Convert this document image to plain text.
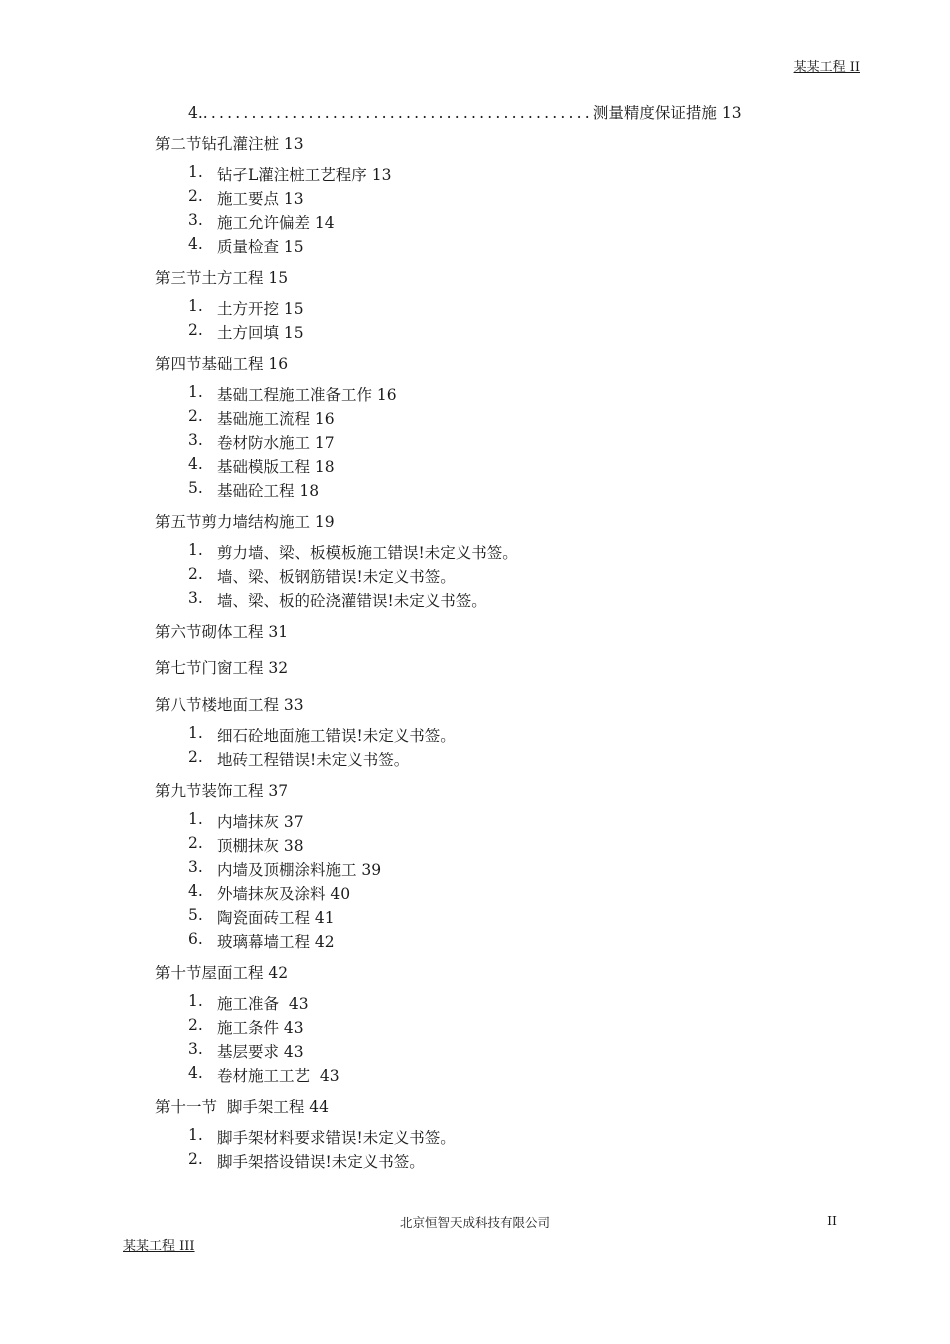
某某工程 II
4.................................................测量精度保证措施 13
第二节钻孔灌注桩 13
1. 钻孑L灌注桩工艺程序 13
2. 施工要点 13
3. 施工允许偏差 14
4. 质量检查 15
第三节土方工程 15
1. 土方开挖 15
2. 土方回填 15
第四节基础工程 16
1. 基础工程施工准备工作 16
2. 基础施工流程 16
3. 卷材防水施工 17
4. 基础模版工程 18
5. 基础砼工程 18
第五节剪力墙结构施工 19
1. 剪力墙、梁、板模板施工错误!未定义书签。
2. 墙、梁、板钢筋错误!未定义书签。
3. 墙、梁、板的砼浇灌错误!未定义书签。
第六节砌体工程 31
第七节门窗工程 32
第八节楼地面工程 33
1. 细石砼地面施工错误!未定义书签。
2. 地砖工程错误!未定义书签。
第九节装饰工程 37
1. 内墙抹灰 37
2. 顶棚抹灰 38
3. 内墙及顶棚涂料施工 39
4. 外墙抹灰及涂料 40
5. 陶瓷面砖工程 41
6. 玻璃幕墙工程 42
第十节屋面工程 42
1. 施工准备  43
2. 施工条件 43
3. 基层要求 43
4. 卷材施工工艺  43
第十一节  脚手架工程 44
1. 脚手架材料要求错误!未定义书签。
2. 脚手架搭设错误!未定义书签。
北京恒智天成科技有限公司	II
某某工程 III
